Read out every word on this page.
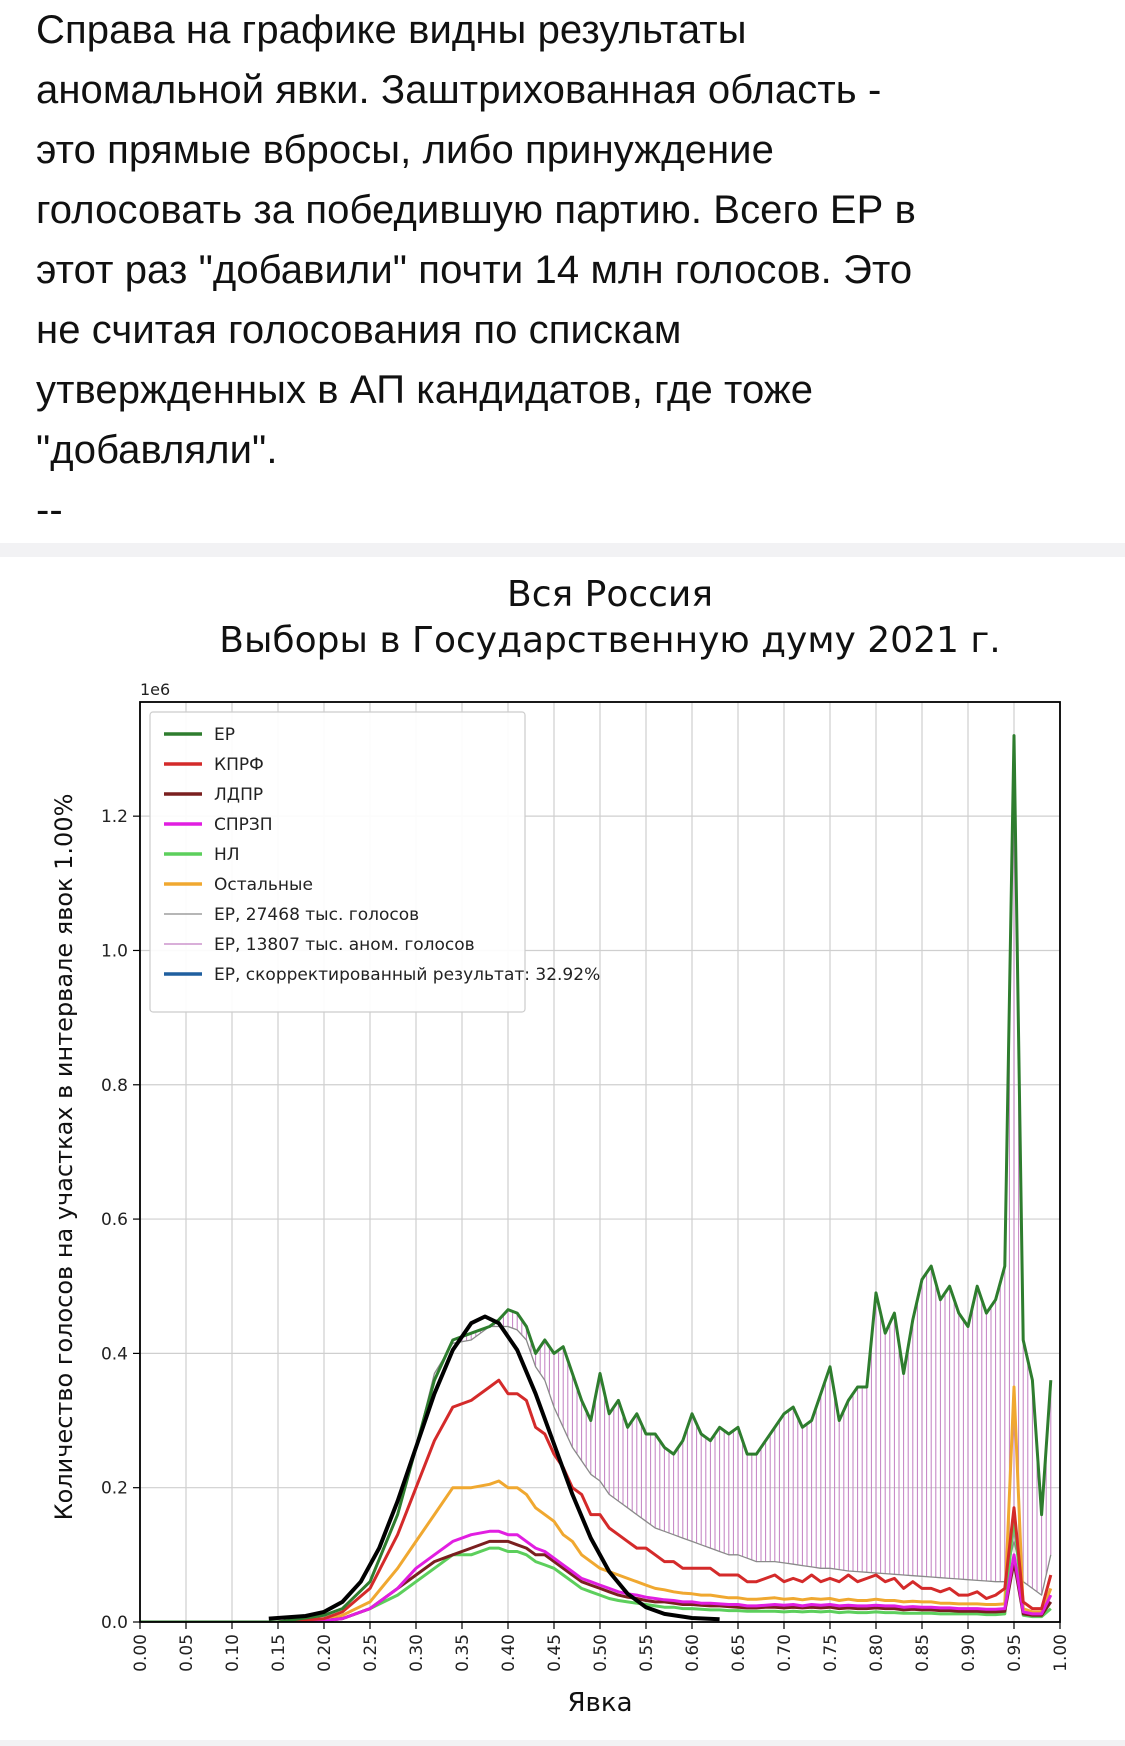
Справа на графике видны результаты
аномальной явки. Заштрихованная область -
это прямые вбросы, либо принуждение
голосовать за победившую партию. Всего ЕР в
этот раз "добавили" почти 14 млн голосов. Это
не считая голосования по спискам
утвержденных в АП кандидатов, где тоже
"добавляли".
--
Вся Россия
Выборы в Государственную думу 2021 г.
1e6
0.00 0.05 0.10 0.15 0.20 0.25 0.30 0.35 0.40 0.45 0.50 0.55 0.60 0.65 0.70 0.75 0.80 0.85 0.90 0.95 1.00
0.0
0.2
0.4
0.6
0.8
1.0
1.2
ЕР
КПРФ
ЛДПР
СПРЗП
НЛ
Остальные
ЕР, 27468 тыс. голосов
ЕР, 13807 тыс. аном. голосов
ЕР, скорректированный результат: 32.92%
Явка
Количество голосов на участках в интервале явок 1.00%
